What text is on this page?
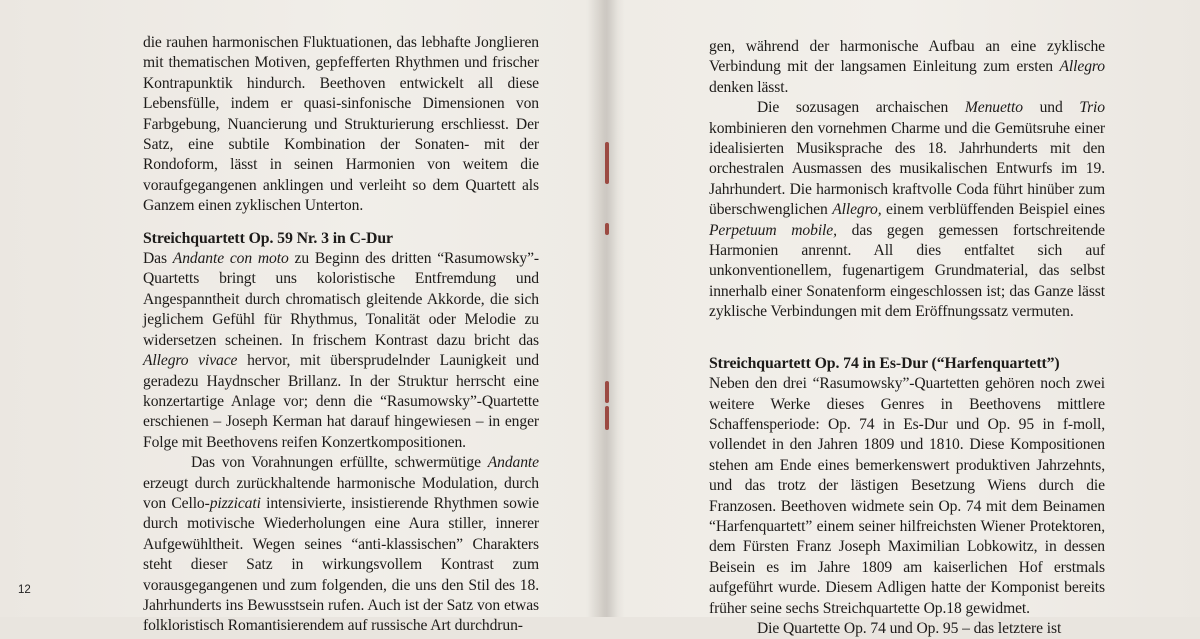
die rauhen harmonischen Fluktuationen, das lebhafte Jonglieren mit thematischen Motiven, gepfefferten Rhythmen und frischer Kontrapunktik hindurch. Beethoven entwickelt all diese Lebensfülle, indem er quasi-sinfonische Dimensionen von Farbgebung, Nuancierung und Strukturierung erschliesst. Der Satz, eine subtile Kombination der Sonaten- mit der Rondoform, lässt in seinen Harmonien von weitem die voraufgegangenen anklingen und verleiht so dem Quartett als Ganzem einen zyklischen Unterton.

Streichquartett Op. 59 Nr. 3 in C-Dur

Das Andante con moto zu Beginn des dritten “Rasumowsky”-Quartetts bringt uns koloristische Entfremdung und Angespanntheit durch chromatisch gleitende Akkorde, die sich jeglichem Gefühl für Rhythmus, Tonalität oder Melodie zu widersetzen scheinen. In frischem Kontrast dazu bricht das Allegro vivace hervor, mit übersprudelnder Launigkeit und geradezu Haydnscher Brillanz. In der Struktur herrscht eine konzertartige Anlage vor; denn die “Rasumowsky”-Quartette erschienen – Joseph Kerman hat darauf hingewiesen – in enger Folge mit Beethovens reifen Konzertkompositionen.

Das von Vorahnungen erfüllte, schwermütige Andante erzeugt durch zurückhaltende harmonische Modulation, durch von Cello-pizzicati intensivierte, insistierende Rhythmen sowie durch motivische Wiederholungen eine Aura stiller, innerer Aufgewühltheit. Wegen seines “anti-klassischen” Charakters steht dieser Satz in wirkungsvollem Kontrast zum vorausgegangenen und zum folgenden, die uns den Stil des 18. Jahrhunderts ins Bewusstsein rufen. Auch ist der Satz von etwas folkloristisch Romantisierendem auf russische Art durchdrun-

gen, während der harmonische Aufbau an eine zyklische Verbindung mit der langsamen Einleitung zum ersten Allegro denken lässt.

Die sozusagen archaischen Menuetto und Trio kombinieren den vornehmen Charme und die Gemütsruhe einer idealisierten Musiksprache des 18. Jahrhunderts mit den orchestralen Ausmassen des musikalischen Entwurfs im 19. Jahrhundert. Die harmonisch kraftvolle Coda führt hinüber zum überschwenglichen Allegro, einem verblüffenden Beispiel eines Perpetuum mobile, das gegen gemessen fortschreitende Harmonien anrennt. All dies entfaltet sich auf unkonventionellem, fugenartigem Grundmaterial, das selbst innerhalb einer Sonatenform eingeschlossen ist; das Ganze lässt zyklische Verbindungen mit dem Eröffnungssatz vermuten.

Streichquartett Op. 74 in Es-Dur (“Harfenquartett”)

Neben den drei “Rasumowsky”-Quartetten gehören noch zwei weitere Werke dieses Genres in Beethovens mittlere Schaffensperiode: Op. 74 in Es-Dur und Op. 95 in f-moll, vollendet in den Jahren 1809 und 1810. Diese Kompositionen stehen am Ende eines bemerkenswert produktiven Jahrzehnts, und das trotz der lästigen Besetzung Wiens durch die Franzosen. Beethoven widmete sein Op. 74 mit dem Beinamen “Harfenquartett” einem seiner hilfreichsten Wiener Protektoren, dem Fürsten Franz Joseph Maximilian Lobkowitz, in dessen Beisein es im Jahre 1809 am kaiserlichen Hof erstmals aufgeführt wurde. Diesem Adligen hatte der Komponist bereits früher seine sechs Streichquartette Op.18 gewidmet.

Die Quartette Op. 74 und Op. 95 – das letztere ist

12
